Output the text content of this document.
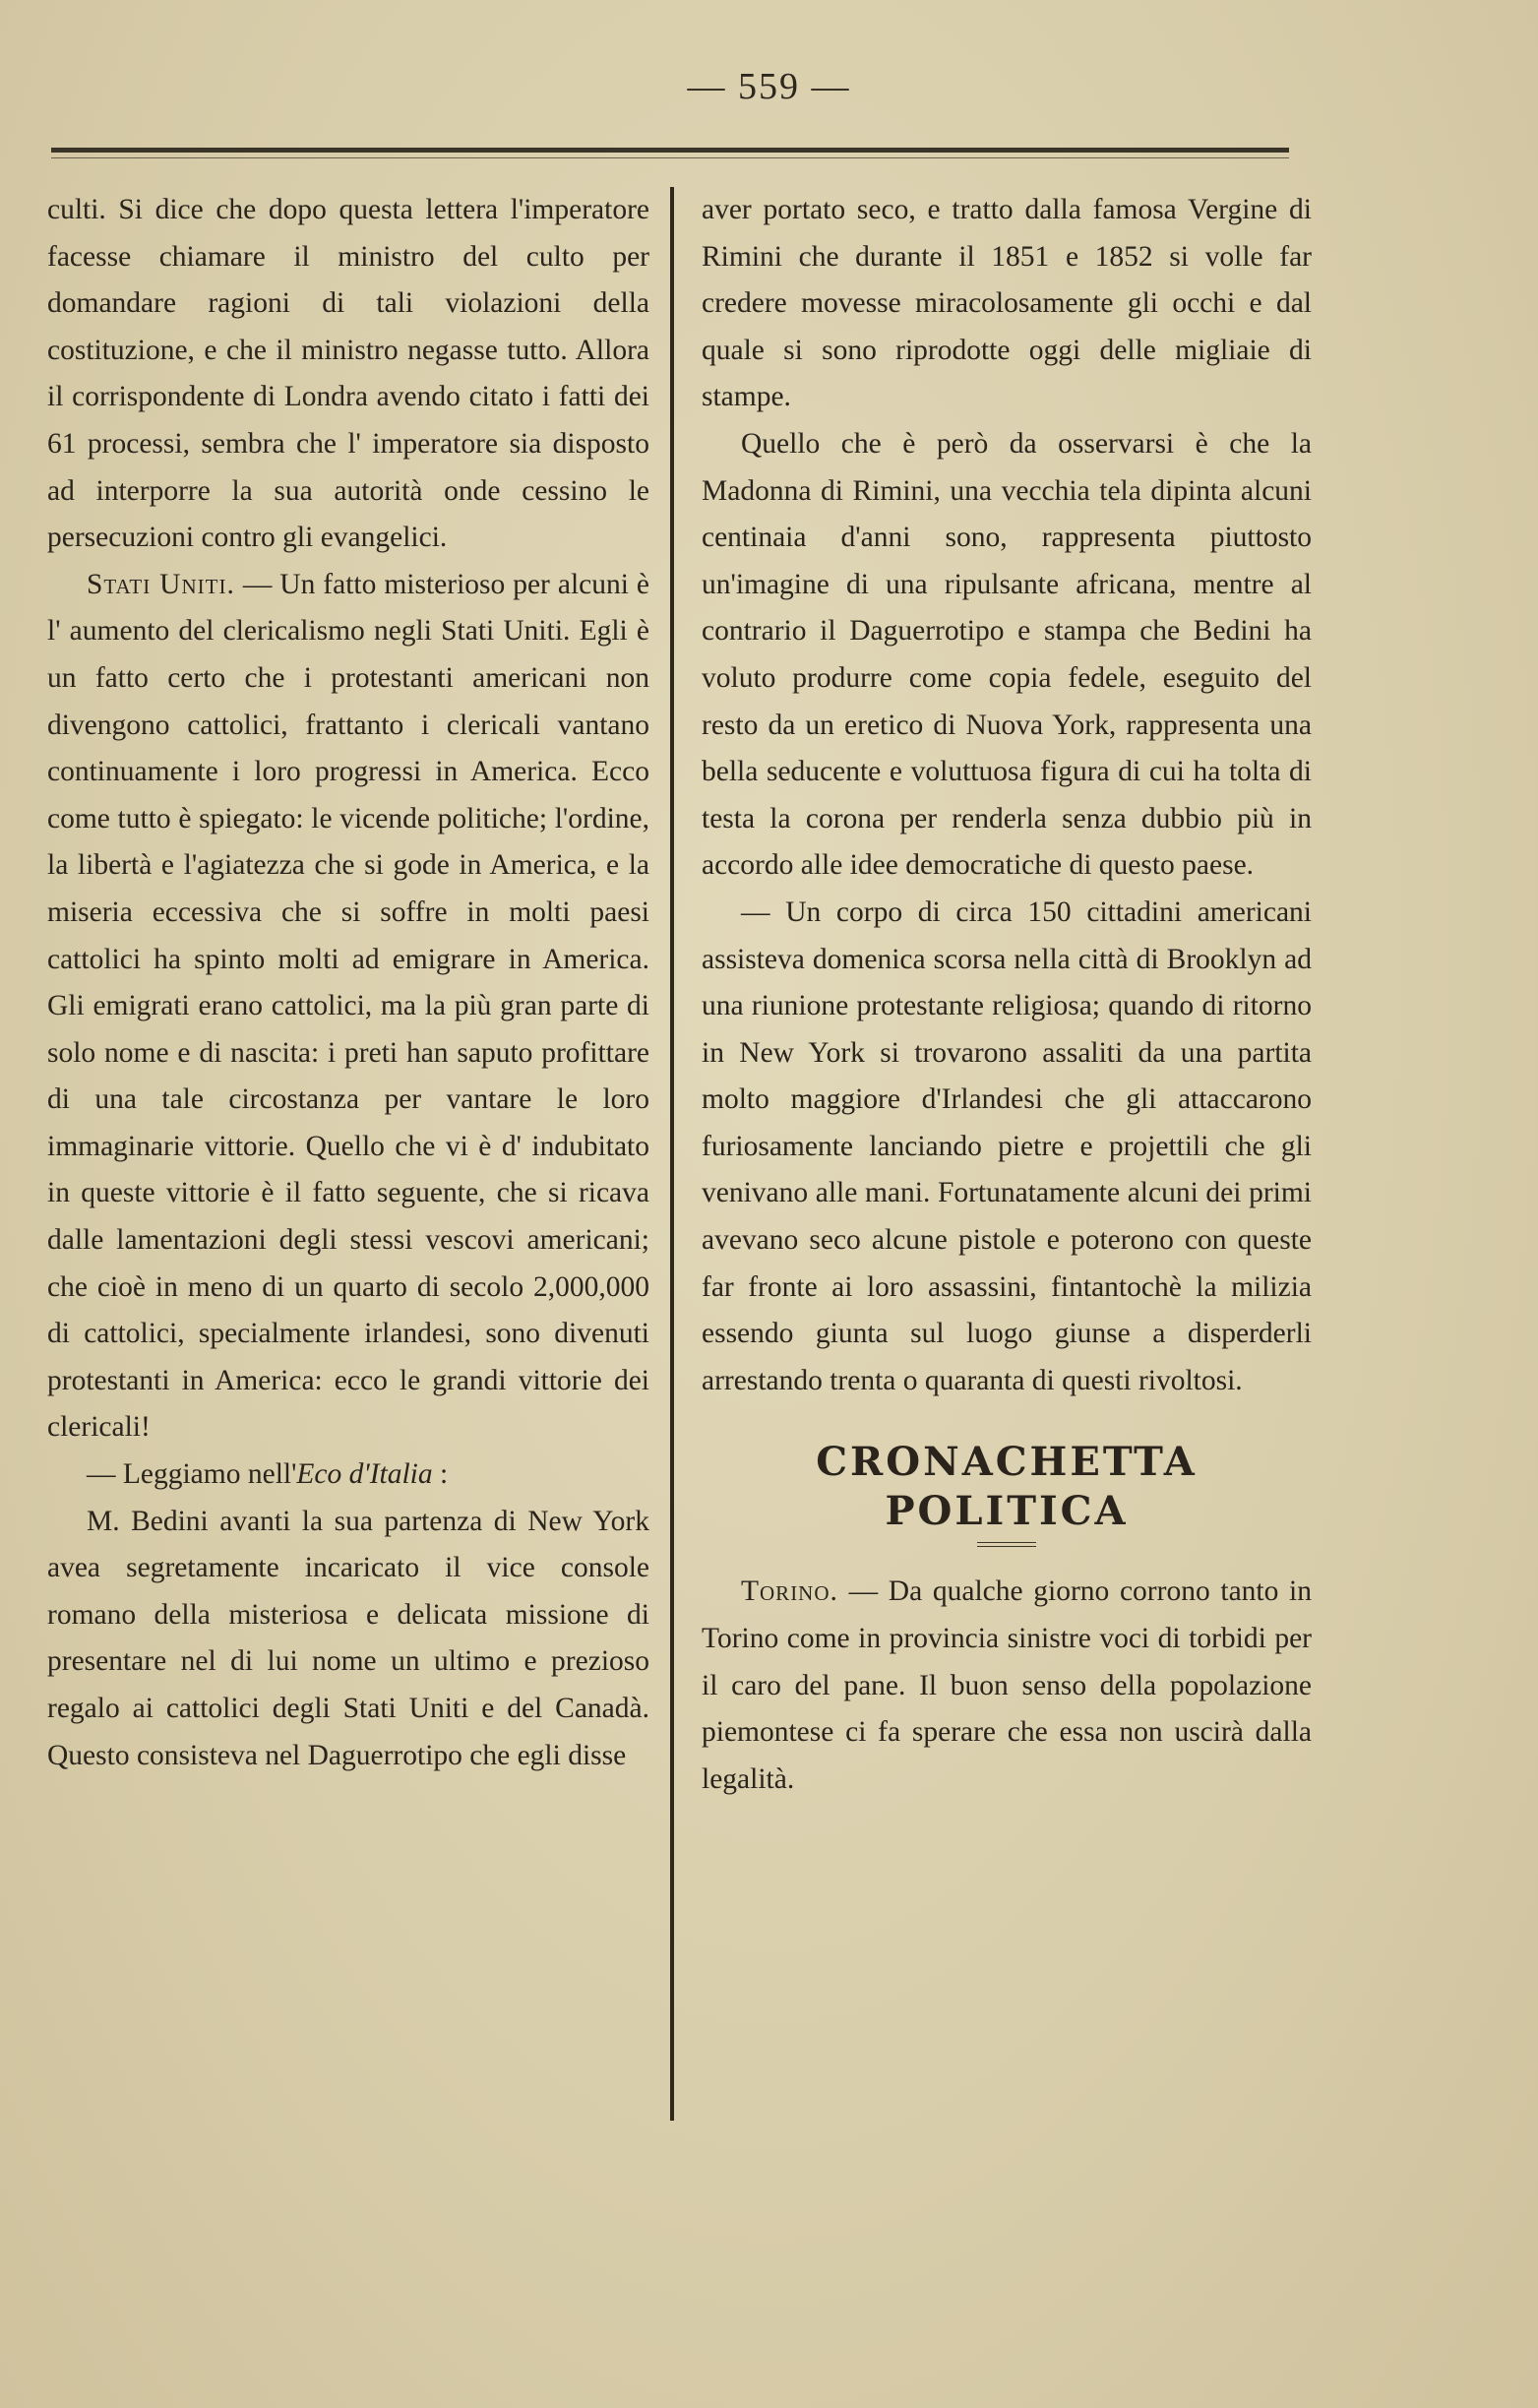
— 559 —

culti. Si dice che dopo questa lettera l'imperatore facesse chiamare il ministro del culto per domandare ragioni di tali violazioni della costituzione, e che il ministro negasse tutto. Allora il corrispondente di Londra avendo citato i fatti dei 61 processi, sembra che l' imperatore sia disposto ad interporre la sua autorità onde cessino le persecuzioni contro gli evangelici.

Stati Uniti. — Un fatto misterioso per alcuni è l' aumento del clericalismo negli Stati Uniti. Egli è un fatto certo che i protestanti americani non divengono cattolici, frattanto i clericali vantano continuamente i loro progressi in America. Ecco come tutto è spiegato: le vicende politiche; l'ordine, la libertà e l'agiatezza che si gode in America, e la miseria eccessiva che si soffre in molti paesi cattolici ha spinto molti ad emigrare in America. Gli emigrati erano cattolici, ma la più gran parte di solo nome e di nascita: i preti han saputo profittare di una tale circostanza per vantare le loro immaginarie vittorie. Quello che vi è d' indubitato in queste vittorie è il fatto seguente, che si ricava dalle lamentazioni degli stessi vescovi americani; che cioè in meno di un quarto di secolo 2,000,000 di cattolici, specialmente irlandesi, sono divenuti protestanti in America: ecco le grandi vittorie dei clericali!

— Leggiamo nell'Eco d'Italia :

M. Bedini avanti la sua partenza di New York avea segretamente incaricato il vice console romano della misteriosa e delicata missione di presentare nel di lui nome un ultimo e prezioso regalo ai cattolici degli Stati Uniti e del Canadà. Questo consisteva nel Daguerrotipo che egli disse

aver portato seco, e tratto dalla famosa Vergine di Rimini che durante il 1851 e 1852 si volle far credere movesse miracolosamente gli occhi e dal quale si sono riprodotte oggi delle migliaie di stampe.

Quello che è però da osservarsi è che la Madonna di Rimini, una vecchia tela dipinta alcuni centinaia d'anni sono, rappresenta piuttosto un'imagine di una ripulsante africana, mentre al contrario il Daguerrotipo e stampa che Bedini ha voluto produrre come copia fedele, eseguito del resto da un eretico di Nuova York, rappresenta una bella seducente e voluttuosa figura di cui ha tolta di testa la corona per renderla senza dubbio più in accordo alle idee democratiche di questo paese.

— Un corpo di circa 150 cittadini americani assisteva domenica scorsa nella città di Brooklyn ad una riunione protestante religiosa; quando di ritorno in New York si trovarono assaliti da una partita molto maggiore d'Irlandesi che gli attaccarono furiosamente lanciando pietre e projettili che gli venivano alle mani. Fortunatamente alcuni dei primi avevano seco alcune pistole e poterono con queste far fronte ai loro assassini, fintantochè la milizia essendo giunta sul luogo giunse a disperderli arrestando trenta o quaranta di questi rivoltosi.

CRONACHETTA POLITICA

Torino. — Da qualche giorno corrono tanto in Torino come in provincia sinistre voci di torbidi per il caro del pane. Il buon senso della popolazione piemontese ci fa sperare che essa non uscirà dalla legalità.
